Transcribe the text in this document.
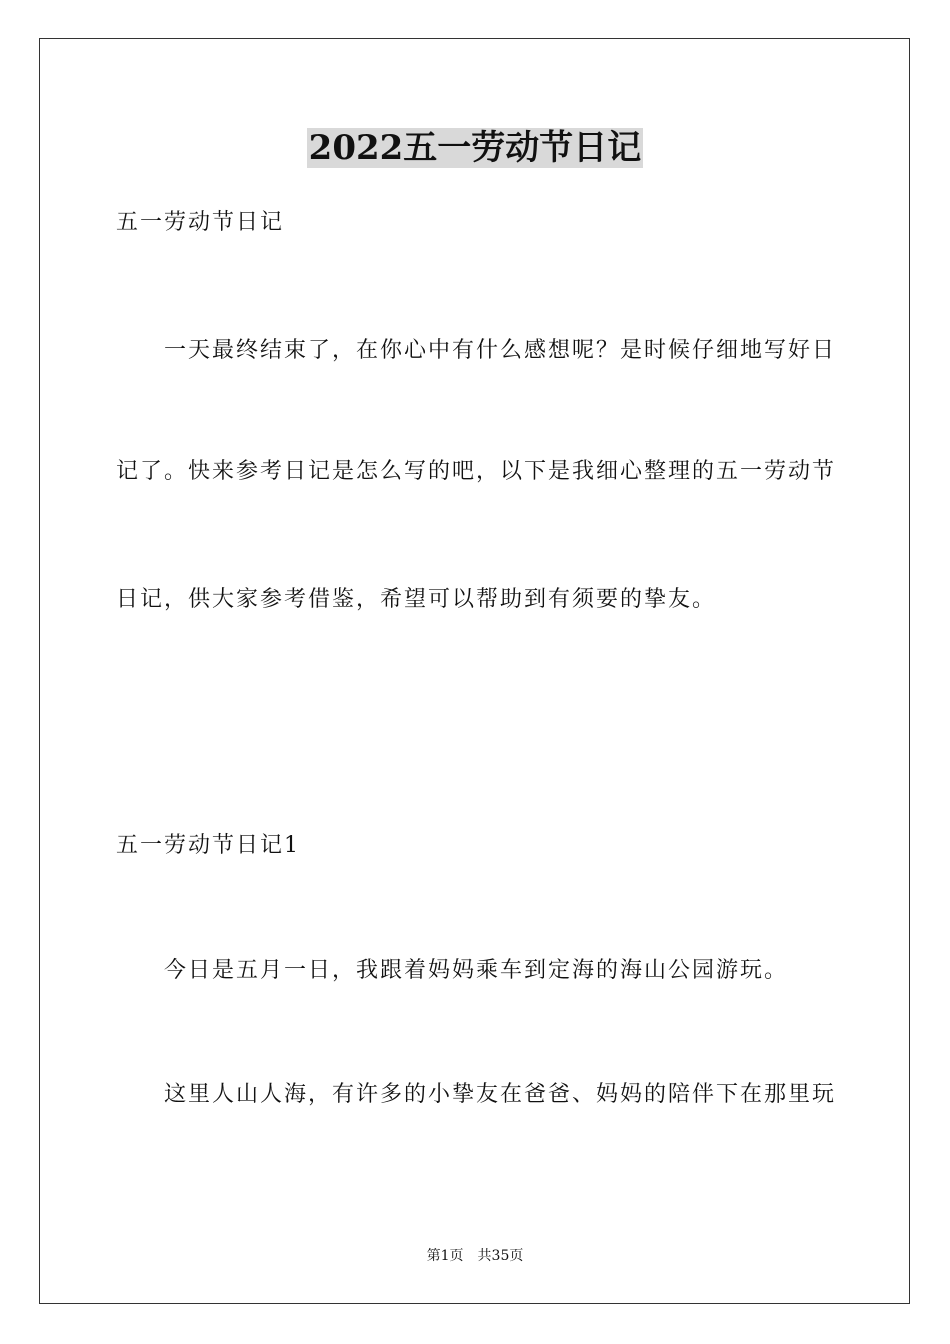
2022五一劳动节日记
五一劳动节日记
一天最终结束了，在你心中有什么感想呢？是时候仔细地写好日
记了。快来参考日记是怎么写的吧，以下是我细心整理的五一劳动节
日记，供大家参考借鉴，希望可以帮助到有须要的挚友。
五一劳动节日记1
今日是五月一日，我跟着妈妈乘车到定海的海山公园游玩。
这里人山人海，有许多的小挚友在爸爸、妈妈的陪伴下在那里玩
第1页 共35页
